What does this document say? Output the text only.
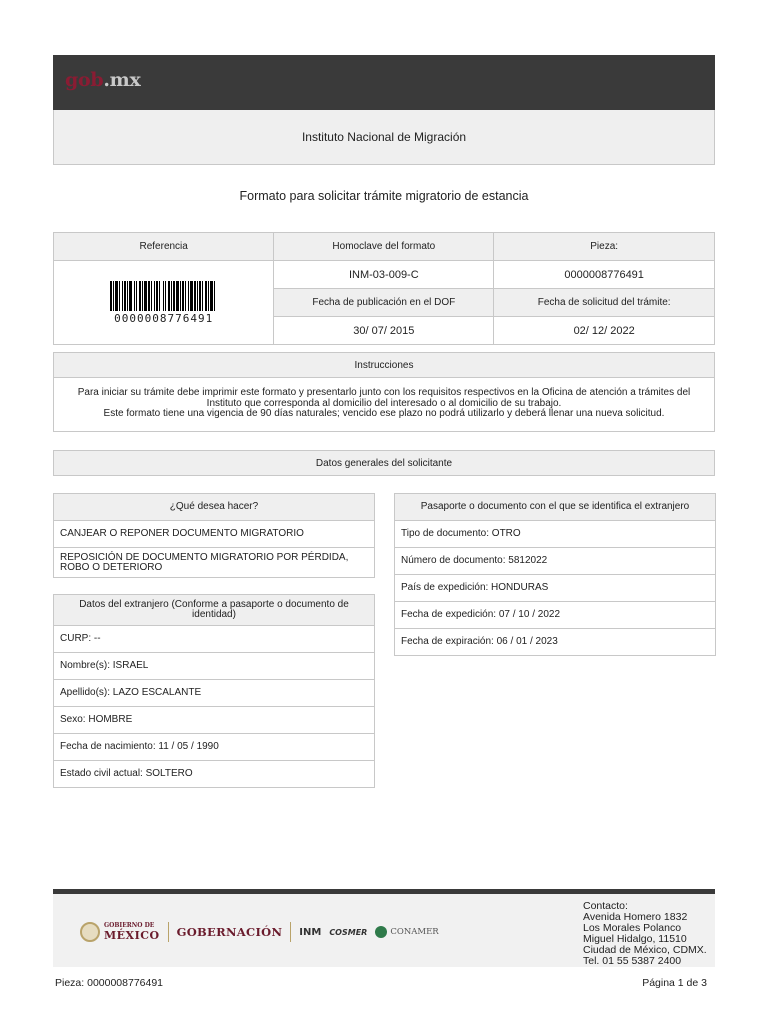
gob.mx
Instituto Nacional de Migración
Formato para solicitar trámite migratorio de estancia
Referencia	Homoclave del formato	Pieza:

0000008776491	INM-03-009-C	0000008776491
	Fecha de publicación en el DOF	Fecha de solicitud del trámite:
	30/ 07/ 2015	02/ 12/ 2022
Instrucciones
Para iniciar su trámite debe imprimir este formato y presentarlo junto con los requisitos respectivos en la Oficina de atención a trámites del
Instituto que corresponda al domicilio del interesado o al domicilio de su trabajo.
Este formato tiene una vigencia de 90 días naturales; vencido ese plazo no podrá utilizarlo y deberá llenar una nueva solicitud.
Datos generales del solicitante
¿Qué desea hacer?
CANJEAR O REPONER DOCUMENTO MIGRATORIO
REPOSICIÓN DE DOCUMENTO MIGRATORIO POR PÉRDIDA, ROBO O DETERIORO
Datos del extranjero (Conforme a pasaporte o documento de identidad)
CURP: --
Nombre(s): ISRAEL
Apellido(s): LAZO ESCALANTE
Sexo: HOMBRE
Fecha de nacimiento: 11 / 05 / 1990
Estado civil actual: SOLTERO
Pasaporte o documento con el que se identifica el extranjero
Tipo de documento: OTRO
Número de documento: 5812022
País de expedición: HONDURAS
Fecha de expedición: 07 / 10 / 2022
Fecha de expiración: 06 / 01 / 2023
GOBIERNO DE
MÉXICO GOBERNACIÓN INM COSMER	CONAMER
Contacto:
Avenida Homero 1832
Los Morales Polanco
Miguel Hidalgo, 11510
Ciudad de México, CDMX.
Tel. 01 55 5387 2400
Pieza: 0000008776491	Página 1 de 3
